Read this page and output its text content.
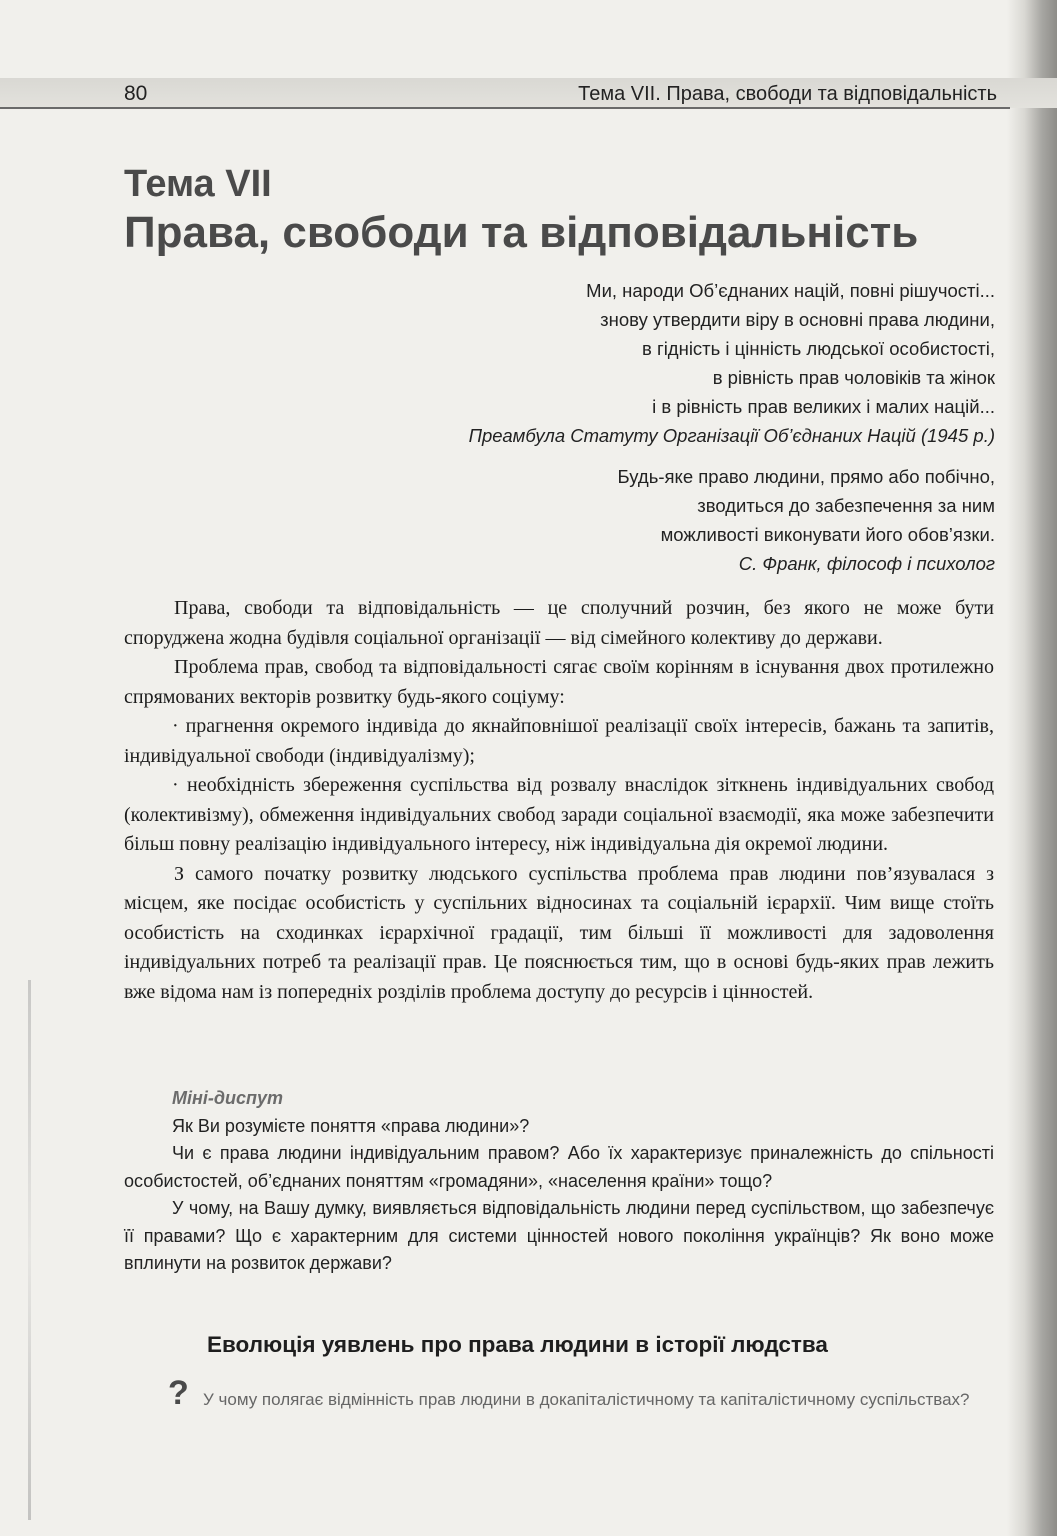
80	Тема VII. Права, свободи та відповідальність
Тема VII
Права, свободи та відповідальність
Ми, народи Об’єднаних націй, повні рішучості...
знову утвердити віру в основні права людини,
в гідність і цінність людської особистості,
в рівність прав чоловіків та жінок
і в рівність прав великих і малих націй...
Преамбула Статуту Організації Об’єднаних Націй (1945 р.)
Будь-яке право людини, прямо або побічно,
зводиться до забезпечення за ним
можливості виконувати його обов’язки.
С. Франк, філософ і психолог

Права, свободи та відповідальність — це сполучний розчин, без якого не може бути споруджена жодна будівля соціальної організації — від сімейного колективу до держави.

Проблема прав, свобод та відповідальності сягає своїм корінням в існування двох протилежно спрямованих векторів розвитку будь-якого соціуму:

· прагнення окремого індивіда до якнайповнішої реалізації своїх інтересів, бажань та запитів, індивідуальної свободи (індивідуалізму);

· необхідність збереження суспільства від розвалу внаслідок зіткнень індивідуальних свобод (колективізму), обмеження індивідуальних свобод заради соціальної взаємодії, яка може забезпечити більш повну реалізацію індивідуального інтересу, ніж індивідуальна дія окремої людини.

З самого початку розвитку людського суспільства проблема прав людини пов’язувалася з місцем, яке посідає особистість у суспільних відносинах та соціальній ієрархії. Чим вище стоїть особистість на сходинках ієрархічної градації, тим більші її можливості для задоволення індивідуальних потреб та реалізації прав. Це пояснюється тим, що в основі будь-яких прав лежить вже відома нам із попередніх розділів проблема доступу до ресурсів і цінностей.

Міні-диспут

Як Ви розумієте поняття «права людини»?

Чи є права людини індивідуальним правом? Або їх характеризує приналежність до спільності особистостей, об’єднаних поняттям «громадяни», «населення країни» тощо?

У чому, на Вашу думку, виявляється відповідальність людини перед суспільством, що забезпечує її правами? Що є характерним для системи цінностей нового покоління українців? Як воно може вплинути на розвиток держави?

Еволюція уявлень про права людини в історії людства
? У чому полягає відмінність прав людини в докапіталістичному та капіталістичному суспільствах?
